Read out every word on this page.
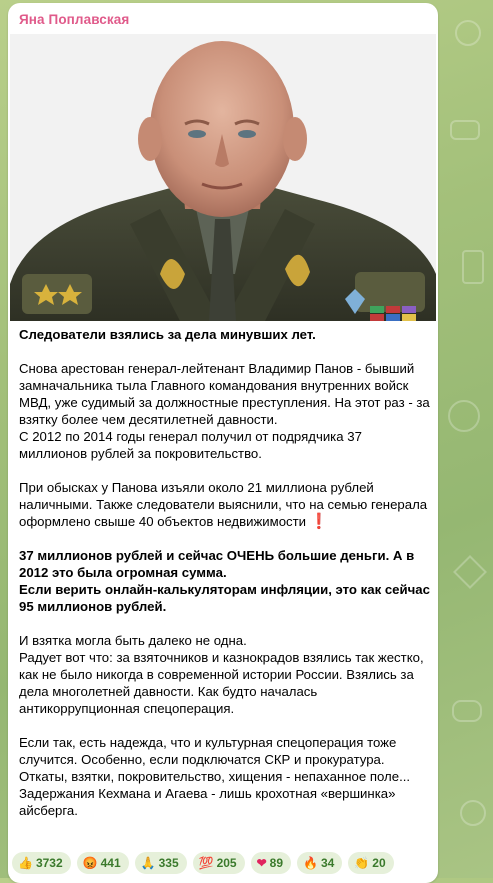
Яна Поплавская

Следователи взялись за дела минувших лет.

Снова арестован генерал-лейтенант Владимир Панов - бывший замначальника тыла Главного командования внутренних войск МВД, уже судимый за должностные преступления. На этот раз - за взятку более чем десятилетней давности.
С 2012 по 2014 годы генерал получил от подрядчика 37 миллионов рублей за покровительство.

При обысках у Панова изъяли около 21 миллиона рублей наличными. Также следователи выяснили, что на семью генерала оформлено свыше 40 объектов недвижимости ❗

37 миллионов рублей и сейчас ОЧЕНЬ большие деньги. А в 2012 это была огромная сумма.
Если верить онлайн-калькуляторам инфляции, это как сейчас 95 миллионов рублей.

И взятка могла быть далеко не одна.
Радует вот что: за взяточников и казнокрадов взялись так жестко, как не было никогда в современной истории России. Взялись за дела многолетней давности. Как будто началась антикоррупционная спецоперация.

Если так, есть надежда, что и культурная спецоперация тоже случится. Особенно, если подключатся СКР и прокуратура. Откаты, взятки, покровительство, хищения - непаханное поле... Задержания Кехмана и Агаева - лишь крохотная «вершинка» айсберга.

👍 3732 😡 441 🙏 335 💯 205 ❤ 89 🔥 34 👏 20
